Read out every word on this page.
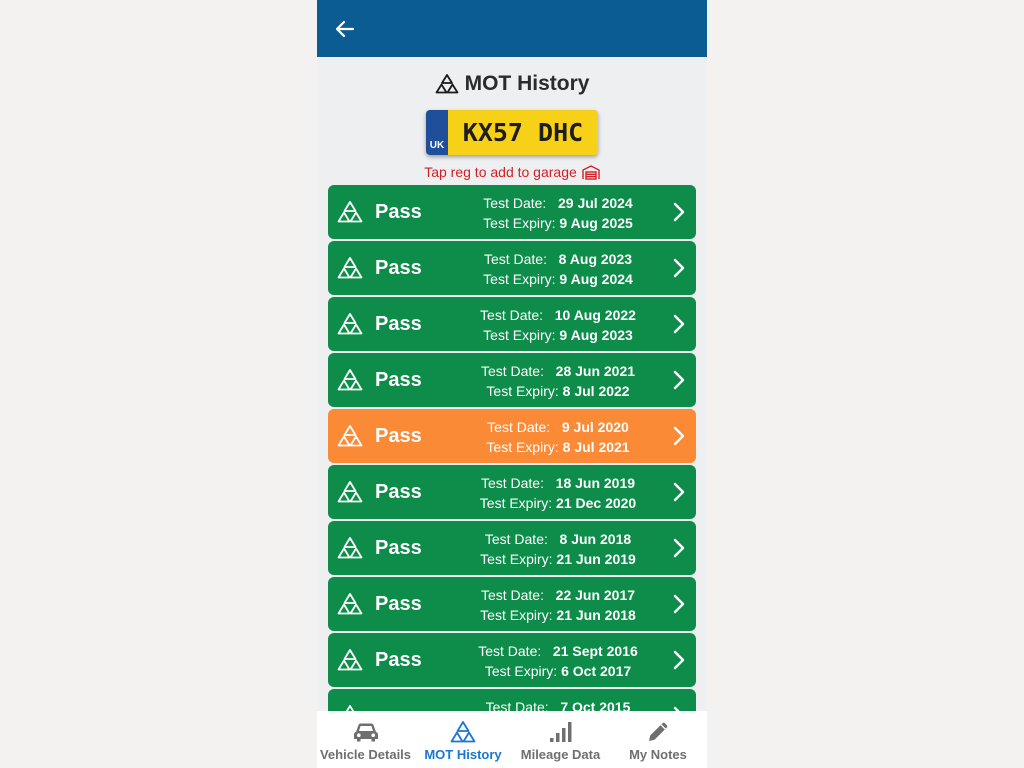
MOT History
UK KX57 DHC
Tap reg to add to garage
Pass	Test Date: 29 Jul 2024
Test Expiry: 9 Aug 2025
Pass	Test Date: 8 Aug 2023
Test Expiry: 9 Aug 2024
Pass	Test Date: 10 Aug 2022
Test Expiry: 9 Aug 2023
Pass	Test Date: 28 Jun 2021
Test Expiry: 8 Jul 2022
Pass	Test Date: 9 Jul 2020
Test Expiry: 8 Jul 2021
Pass	Test Date: 18 Jun 2019
Test Expiry: 21 Dec 2020
Pass	Test Date: 8 Jun 2018
Test Expiry: 21 Jun 2019
Pass	Test Date: 22 Jun 2017
Test Expiry: 21 Jun 2018
Pass	Test Date: 21 Sept 2016
Test Expiry: 6 Oct 2017
Test Date: 7 Oct 2015
Vehicle Details MOT History Mileage Data My Notes
